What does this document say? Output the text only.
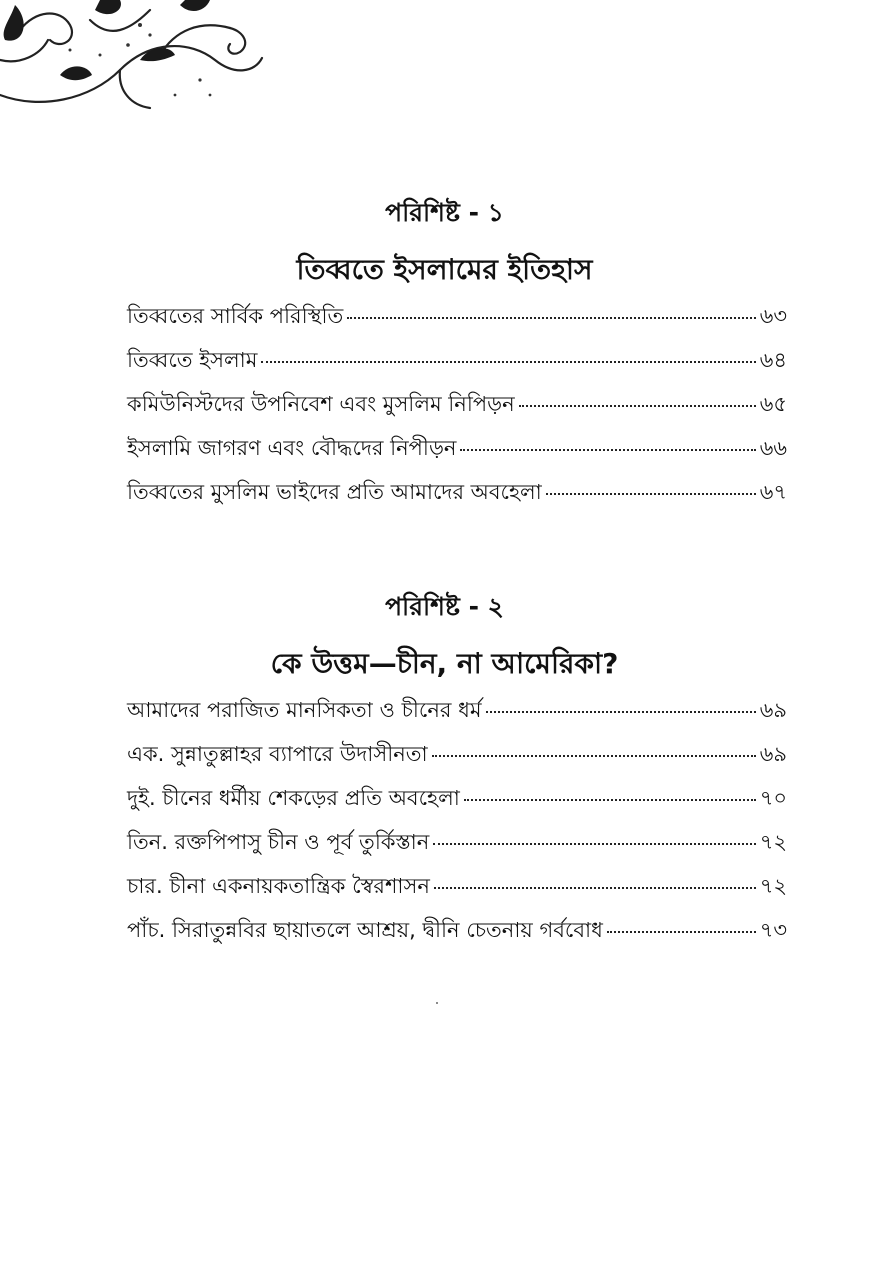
পরিশিষ্ট - ১
তিব্বতে ইসলামের ইতিহাস
তিব্বতের সার্বিক পরিস্থিতি	৬৩
তিব্বতে ইসলাম	৬৪
কমিউনিস্টদের উপনিবেশ এবং মুসলিম নিপিড়ন	৬৫
ইসলামি জাগরণ এবং বৌদ্ধদের নিপীড়ন	৬৬
তিব্বতের মুসলিম ভাইদের প্রতি আমাদের অবহেলা	৬৭
পরিশিষ্ট - ২
কে উত্তম—চীন, না আমেরিকা?
আমাদের পরাজিত মানসিকতা ও চীনের ধর্ম	৬৯
এক. সুন্নাতুল্লাহর ব্যাপারে উদাসীনতা	৬৯
দুই. চীনের ধর্মীয় শেকড়ের প্রতি অবহেলা	৭০
তিন. রক্তপিপাসু চীন ও পূর্ব তুর্কিস্তান	৭২
চার. চীনা একনায়কতান্ত্রিক স্বৈরশাসন	৭২
পাঁচ. সিরাতুন্নবির ছায়াতলে আশ্রয়, দ্বীনি চেতনায় গর্ববোধ	৭৩
